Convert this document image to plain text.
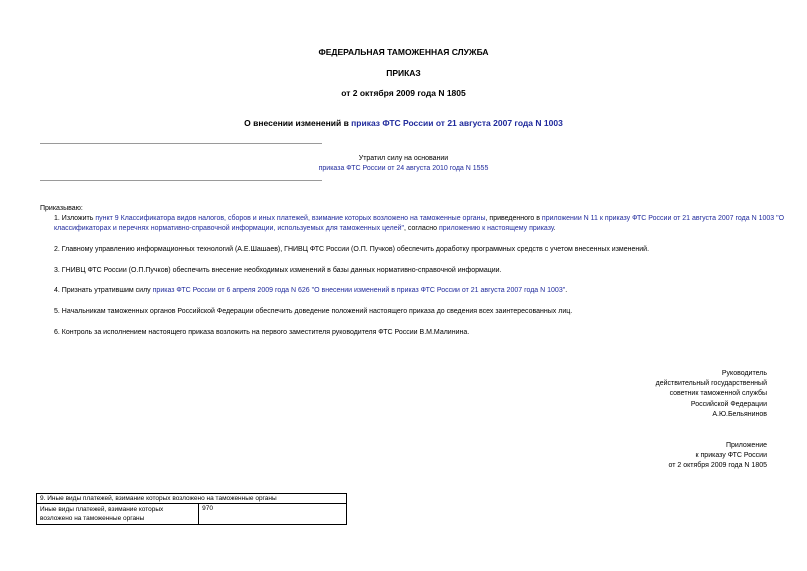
ФЕДЕРАЛЬНАЯ ТАМОЖЕННАЯ СЛУЖБА
ПРИКАЗ
от 2 октября 2009 года N 1805
О внесении изменений в приказ ФТС России от 21 августа 2007 года N 1003
Утратил силу на основании
приказа ФТС России от 24 августа 2010 года N 1555
Приказываю:
1. Изложить пункт 9 Классификатора видов налогов, сборов и иных платежей, взимание которых возложено на таможенные органы, приведенного в приложении N 11 к приказу ФТС России от 21 августа 2007 года N 1003 "О классификаторах и перечнях нормативно-справочной информации, используемых для таможенных целей", согласно приложению к настоящему приказу.
2. Главному управлению информационных технологий (А.Е.Шашаев), ГНИВЦ ФТС России (О.П. Пучков) обеспечить доработку программных средств с учетом внесенных изменений.
3. ГНИВЦ ФТС России (О.П.Пучков) обеспечить внесение необходимых изменений в базы данных нормативно-справочной информации.
4. Признать утратившим силу приказ ФТС России от 6 апреля 2009 года N 626 "О внесении изменений в приказ ФТС России от 21 августа 2007 года N 1003".
5. Начальникам таможенных органов Российской Федерации обеспечить доведение положений настоящего приказа до сведения всех заинтересованных лиц.
6. Контроль за исполнением настоящего приказа возложить на первого заместителя руководителя ФТС России В.М.Малинина.
Руководитель
действительный государственный
советник таможенной службы
Российской Федерации
А.Ю.Бельянинов
Приложение
к приказу ФТС России
от 2 октября 2009 года N 1805
9. Иные виды платежей, взимание которых возложено на таможенные органы
Иные виды платежей, взимание которых возложено на таможенные органы	970
